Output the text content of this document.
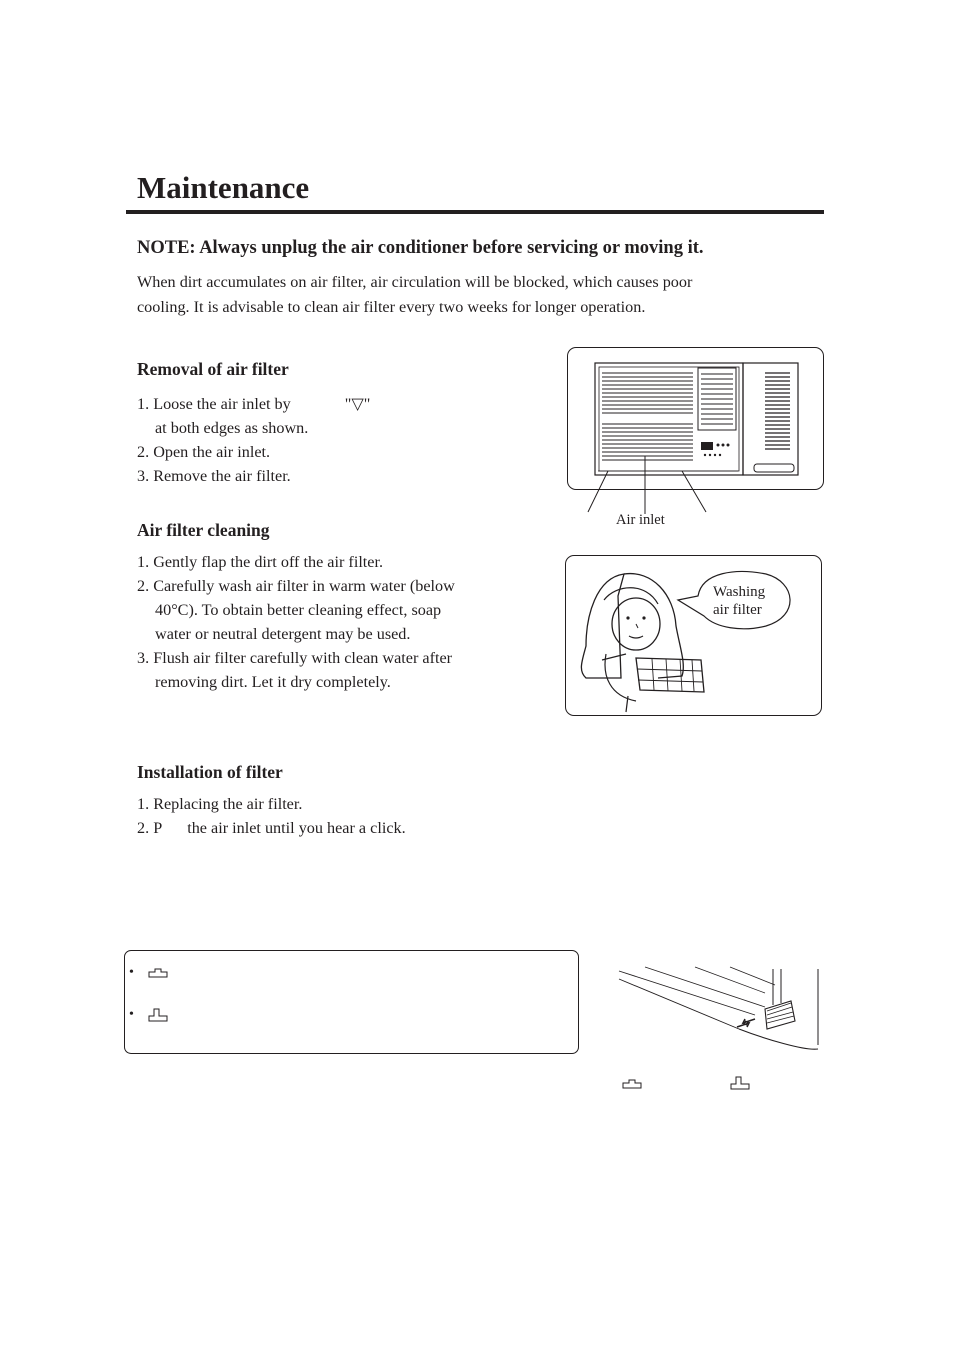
Maintenance

NOTE: Always unplug the air conditioner before servicing or moving it.

When dirt accumulates on air filter, air circulation will be blocked, which causes poor
cooling. It is advisable to clean air filter every two weeks for longer operation.

Removal of air filter
1. Loose the air inlet by	"▽"
at both edges as shown.
2. Open the air inlet.
3. Remove the air filter.
Air inlet
Air filter cleaning
1. Gently flap the dirt off the air filter.
2. Carefully wash air filter in warm water (below 40°C). To obtain better cleaning effect, soap water or neutral detergent may be used.
3. Flush air filter carefully with clean water after removing dirt. Let it dry completely.
Washing
air filter
Installation of filter
1. Replacing the air filter.
2. P the air inlet until you hear a click.
•
•
